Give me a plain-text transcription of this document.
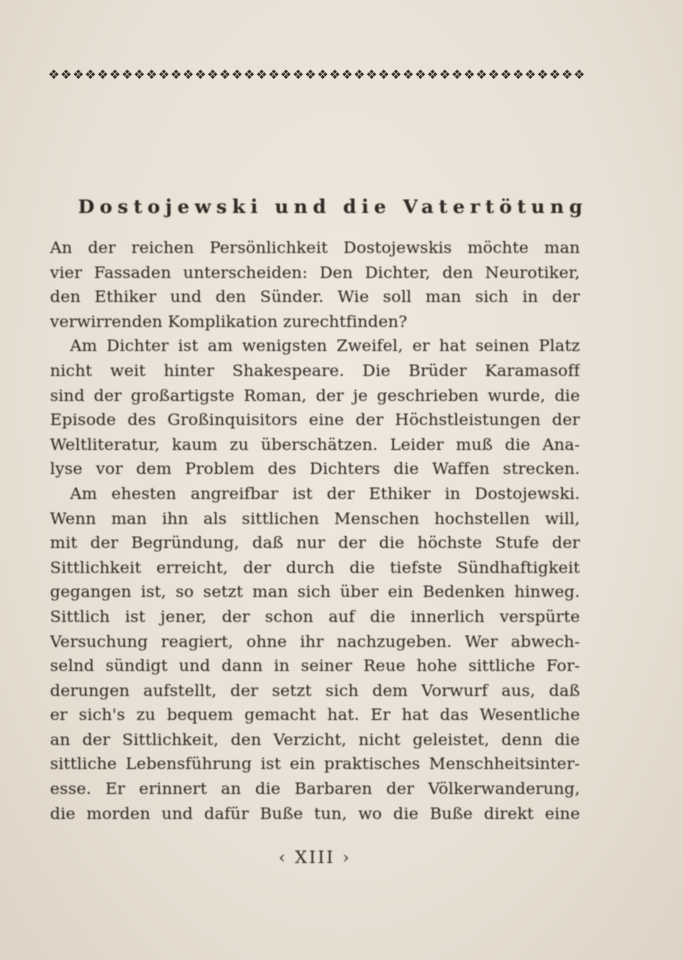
❖ ❖ ❖ ❖ ❖ ❖ ❖ ❖ ❖ ❖ ❖ ❖ ❖ ❖ ❖ ❖ ❖ ❖ ❖ ❖ ❖ ❖ ❖ ❖ ❖ ❖ ❖ ❖ ❖ ❖ ❖ ❖ ❖ ❖ ❖ ❖ ❖ ❖ ❖ ❖ ❖ ❖ ❖ ❖
Dostojewski und die Vatertötung
An der reichen Persönlichkeit Dostojewskis möchte man
vier Fassaden unterscheiden: Den Dichter, den Neurotiker,
den Ethiker und den Sünder. Wie soll man sich in der
verwirrenden Komplikation zurechtfinden?
Am Dichter ist am wenigsten Zweifel, er hat seinen Platz
nicht weit hinter Shakespeare. Die Brüder Karamasoff
sind der großartigste Roman, der je geschrieben wurde, die
Episode des Großinquisitors eine der Höchstleistungen der
Weltliteratur, kaum zu überschätzen. Leider muß die Ana-
lyse vor dem Problem des Dichters die Waffen strecken.
Am ehesten angreifbar ist der Ethiker in Dostojewski.
Wenn man ihn als sittlichen Menschen hochstellen will,
mit der Begründung, daß nur der die höchste Stufe der
Sittlichkeit erreicht, der durch die tiefste Sündhaftigkeit
gegangen ist, so setzt man sich über ein Bedenken hinweg.
Sittlich ist jener, der schon auf die innerlich verspürte
Versuchung reagiert, ohne ihr nachzugeben. Wer abwech-
selnd sündigt und dann in seiner Reue hohe sittliche For-
derungen aufstellt, der setzt sich dem Vorwurf aus, daß
er sich's zu bequem gemacht hat. Er hat das Wesentliche
an der Sittlichkeit, den Verzicht, nicht geleistet, denn die
sittliche Lebensführung ist ein praktisches Menschheitsinter-
esse. Er erinnert an die Barbaren der Völkerwanderung,
die morden und dafür Buße tun, wo die Buße direkt eine
‹ XIII ›
